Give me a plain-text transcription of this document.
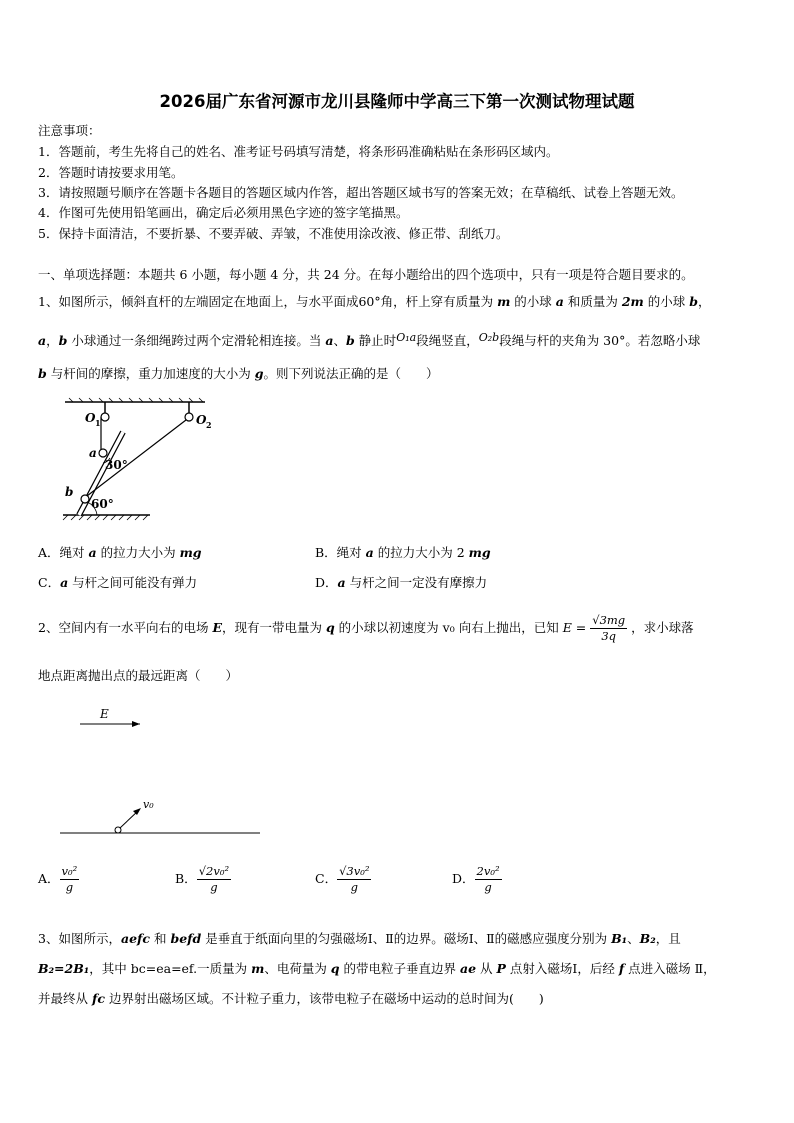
2026届广东省河源市龙川县隆师中学高三下第一次测试物理试题
注意事项：
1．答题前，考生先将自己的姓名、准考证号码填写清楚，将条形码准确粘贴在条形码区域内。
2．答题时请按要求用笔。
3．请按照题号顺序在答题卡各题目的答题区域内作答，超出答题区域书写的答案无效；在草稿纸、试卷上答题无效。
4．作图可先使用铅笔画出，确定后必须用黑色字迹的签字笔描黑。
5．保持卡面清洁，不要折暴、不要弄破、弄皱，不准使用涂改液、修正带、刮纸刀。
一、单项选择题：本题共 6 小题，每小题 4 分，共 24 分。在每小题给出的四个选项中，只有一项是符合题目要求的。
1、如图所示，倾斜直杆的左端固定在地面上，与水平面成60°角，杆上穿有质量为 m 的小球 a 和质量为 2m 的小球 b，
a，b 小球通过一条细绳跨过两个定滑轮相连接。当 a、b 静止时O₁a段绳竖直，O₂b段绳与杆的夹角为 30°。若忽略小球
b 与杆间的摩擦，重力加速度的大小为 g。则下列说法正确的是（　　）
O 1	O 2
a
b
30°
60°
A．绳对 a 的拉力大小为 mg	B．绳对 a 的拉力大小为 2 mg
C．a 与杆之间可能没有弹力	D．a 与杆之间一定没有摩擦力
2、空间内有一水平向右的电场 E，现有一带电量为 q 的小球以初速度为 v₀ 向右上抛出，已知 $E = \frac{√3mg}{3q}$ ，求小球落
地点距离抛出点的最远距离（　　）
E
v₀
A． $\frac{\text{v₀²}}{g}$	B． $\frac{\text{√2v₀²}}{g}$	C． $\frac{\text{√3v₀²}}{g}$	D． $\frac{\text{2v₀²}}{g}$
3、如图所示，aefc 和 befd 是垂直于纸面向里的匀强磁场Ⅰ、Ⅱ的边界。磁场Ⅰ、Ⅱ的磁感应强度分别为 B₁、B₂，且
B₂=2B₁，其中 bc=ea=ef.一质量为 m、电荷量为 q 的带电粒子垂直边界 ae 从 P 点射入磁场Ⅰ，后经 f 点进入磁场 Ⅱ，
并最终从 fc 边界射出磁场区域。不计粒子重力，该带电粒子在磁场中运动的总时间为(　　)
